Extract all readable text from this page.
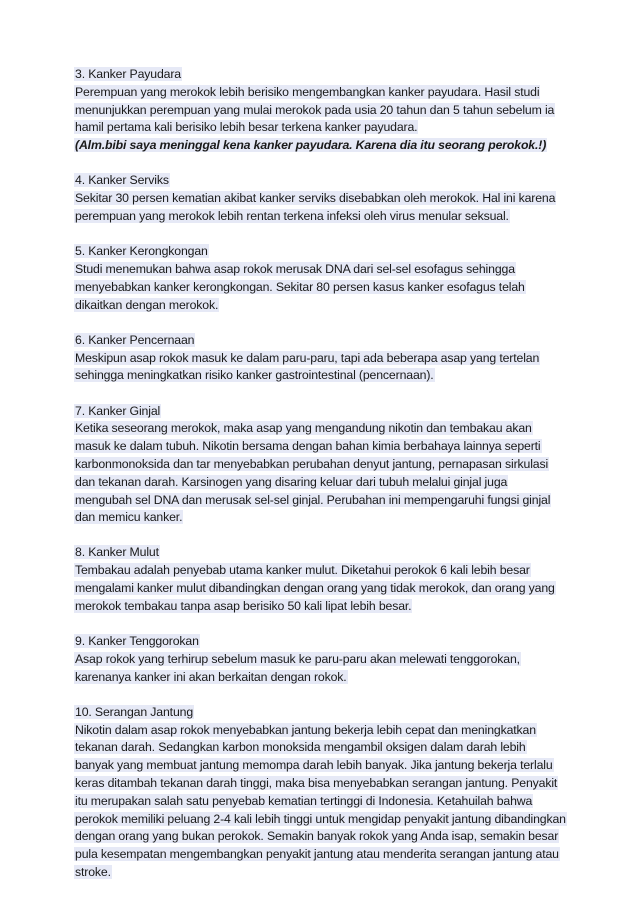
3. Kanker Payudara
Perempuan yang merokok lebih berisiko mengembangkan kanker payudara. Hasil studi menunjukkan perempuan yang mulai merokok pada usia 20 tahun dan 5 tahun sebelum ia hamil pertama kali berisiko lebih besar terkena kanker payudara.
(Alm.bibi saya meninggal kena kanker payudara. Karena dia itu seorang perokok.!)
4. Kanker Serviks
Sekitar 30 persen kematian akibat kanker serviks disebabkan oleh merokok. Hal ini karena perempuan yang merokok lebih rentan terkena infeksi oleh virus menular seksual.
5. Kanker Kerongkongan
Studi menemukan bahwa asap rokok merusak DNA dari sel-sel esofagus sehingga menyebabkan kanker kerongkongan. Sekitar 80 persen kasus kanker esofagus telah dikaitkan dengan merokok.
6. Kanker Pencernaan
Meskipun asap rokok masuk ke dalam paru-paru, tapi ada beberapa asap yang tertelan sehingga meningkatkan risiko kanker gastrointestinal (pencernaan).
7. Kanker Ginjal
Ketika seseorang merokok, maka asap yang mengandung nikotin dan tembakau akan masuk ke dalam tubuh. Nikotin bersama dengan bahan kimia berbahaya lainnya seperti karbonmonoksida dan tar menyebabkan perubahan denyut jantung, pernapasan sirkulasi dan tekanan darah. Karsinogen yang disaring keluar dari tubuh melalui ginjal juga mengubah sel DNA dan merusak sel-sel ginjal. Perubahan ini mempengaruhi fungsi ginjal dan memicu kanker.
8. Kanker Mulut
Tembakau adalah penyebab utama kanker mulut. Diketahui perokok 6 kali lebih besar mengalami kanker mulut dibandingkan dengan orang yang tidak merokok, dan orang yang merokok tembakau tanpa asap berisiko 50 kali lipat lebih besar.
9. Kanker Tenggorokan
Asap rokok yang terhirup sebelum masuk ke paru-paru akan melewati tenggorokan, karenanya kanker ini akan berkaitan dengan rokok.
10. Serangan Jantung
Nikotin dalam asap rokok menyebabkan jantung bekerja lebih cepat dan meningkatkan tekanan darah. Sedangkan karbon monoksida mengambil oksigen dalam darah lebih banyak yang membuat jantung memompa darah lebih banyak. Jika jantung bekerja terlalu keras ditambah tekanan darah tinggi, maka bisa menyebabkan serangan jantung. Penyakit itu merupakan salah satu penyebab kematian tertinggi di Indonesia. Ketahuilah bahwa perokok memiliki peluang 2-4 kali lebih tinggi untuk mengidap penyakit jantung dibandingkan dengan orang yang bukan perokok. Semakin banyak rokok yang Anda isap, semakin besar pula kesempatan mengembangkan penyakit jantung atau menderita serangan jantung atau stroke.
